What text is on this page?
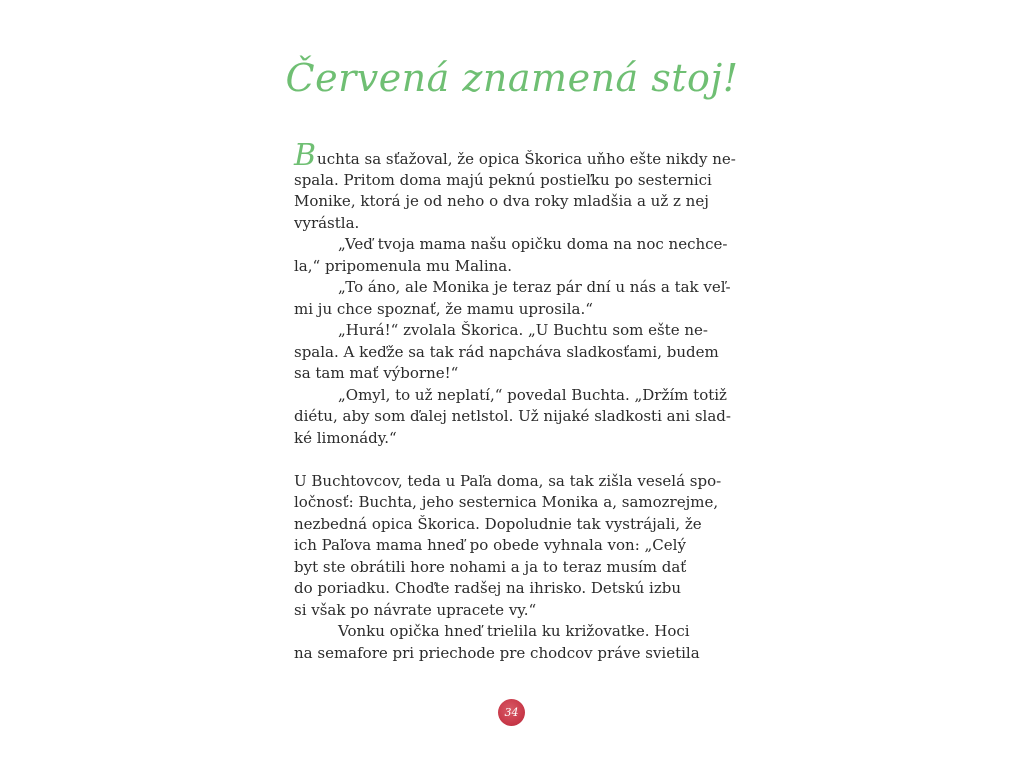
Červená znamená stoj!
Buchta sa sťažoval, že opica Škorica uňho ešte nikdy ne-
spala. Pritom doma majú peknú postieľku po sesternici
Monike, ktorá je od neho o dva roky mladšia a už z nej
vyrástla.
„Veď tvoja mama našu opičku doma na noc nechce-
la,“ pripomenula mu Malina.
„To áno, ale Monika je teraz pár dní u nás a tak veľ-
mi ju chce spoznať, že mamu uprosila.“
„Hurá!“ zvolala Škorica. „U Buchtu som ešte ne-
spala. A keďže sa tak rád napcháva sladkosťami, budem
sa tam mať výborne!“
„Omyl, to už neplatí,“ povedal Buchta. „Držím totiž
diétu, aby som ďalej netlstol. Už nijaké sladkosti ani slad-
ké limonády.“
U Buchtovcov, teda u Paľa doma, sa tak zišla veselá spo-
ločnosť: Buchta, jeho sesternica Monika a, samozrejme,
nezbedná opica Škorica. Dopoludnie tak vystrájali, že
ich Paľova mama hneď po obede vyhnala von: „Celý
byt ste obrátili hore nohami a ja to teraz musím dať
do poriadku. Choďte radšej na ihrisko. Detskú izbu
si však po návrate upracete vy.“
Vonku opička hneď trielila ku križovatke. Hoci
na semafore pri priechode pre chodcov práve svietila
34
